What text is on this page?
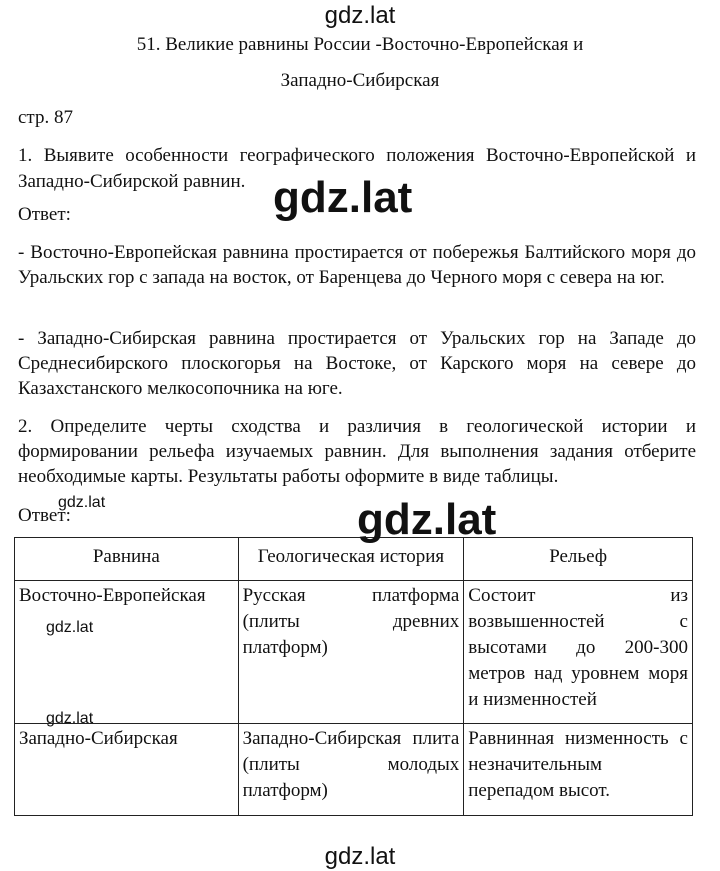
gdz.lat
51. Великие равнины России -Восточно-Европейская и
Западно-Сибирская
стр. 87
1. Выявите особенности географического положения Восточно-Европейской и Западно-Сибирской равнин.
Ответ:
- Восточно-Европейская равнина простирается от побережья Балтийского моря до Уральских гор с запада на восток, от Баренцева до Черного моря с севера на юг.
- Западно-Сибирская равнина простирается от Уральских гор на Западе до Среднесибирского плоскогорья на Востоке, от Карского моря на севере до Казахстанского мелкосопочника на юге.
2. Определите черты сходства и различия в геологической истории и формировании рельефа изучаемых равнин. Для выполнения задания отберите необходимые карты. Результаты работы оформите в виде таблицы.
Ответ:
gdz.lat
Равнина	Геологическая история	Рельеф
Восточно-Европейская	Русская платформа (плиты древних платформ)	Состоит из возвышенностей с высотами до 200-300 метров над уровнем моря и низменностей
Западно-Сибирская	Западно-Сибирская плита (плиты молодых платформ)	Равнинная низменность с незначительным перепадом высот.
gdz.lat
gdz.lat
gdz.lat
gdz.lat
gdz.lat
